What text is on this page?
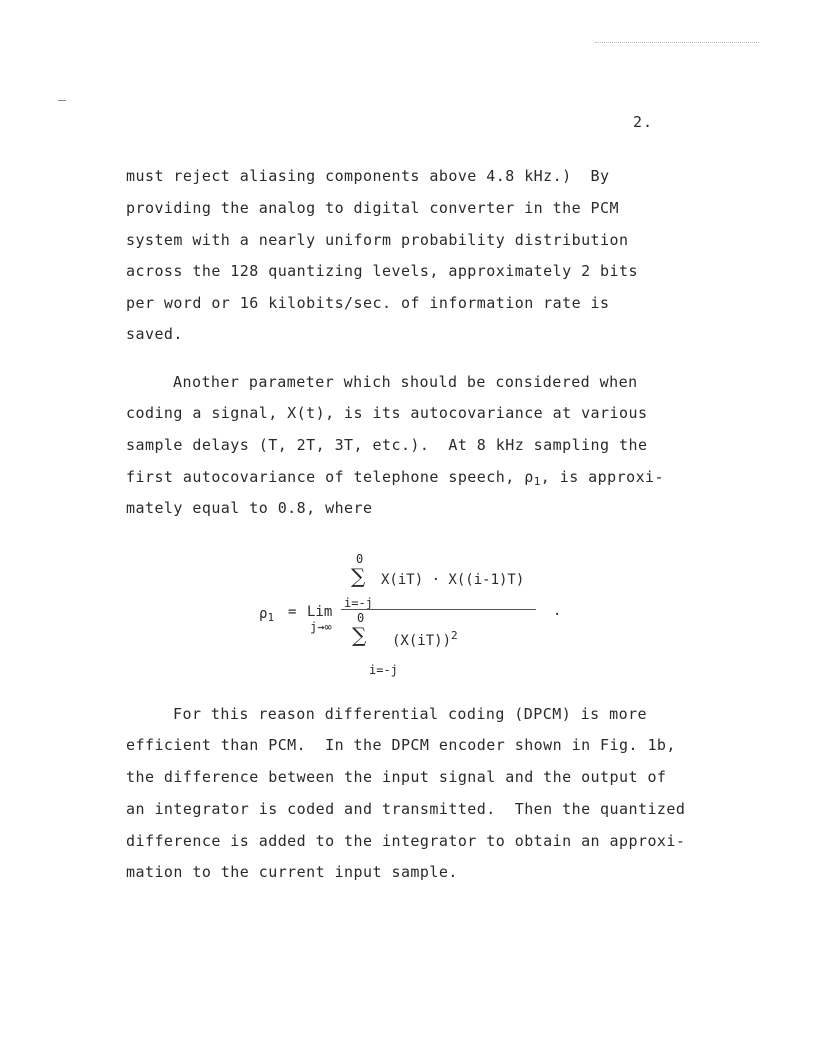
2.
must reject aliasing components above 4.8 kHz.)  By
providing the analog to digital converter in the PCM
system with a nearly uniform probability distribution
across the 128 quantizing levels, approximately 2 bits
per word or 16 kilobits/sec. of information rate is
saved.
Another parameter which should be considered when
coding a signal, X(t), is its autocovariance at various
sample delays (T, 2T, 3T, etc.).  At 8 kHz sampling the
first autocovariance of telephone speech, $\rho_1$, is approxi-
mately equal to 0.8, where
0
∑ X(iT) · X((i-1)T)
i=-j
$\rho_1$ = Lim
j→∞
.
0
∑ $(X(iT))^2$
i=-j
For this reason differential coding (DPCM) is more
efficient than PCM.  In the DPCM encoder shown in Fig. 1b,
the difference between the input signal and the output of
an integrator is coded and transmitted.  Then the quantized
difference is added to the integrator to obtain an approxi-
mation to the current input sample.
